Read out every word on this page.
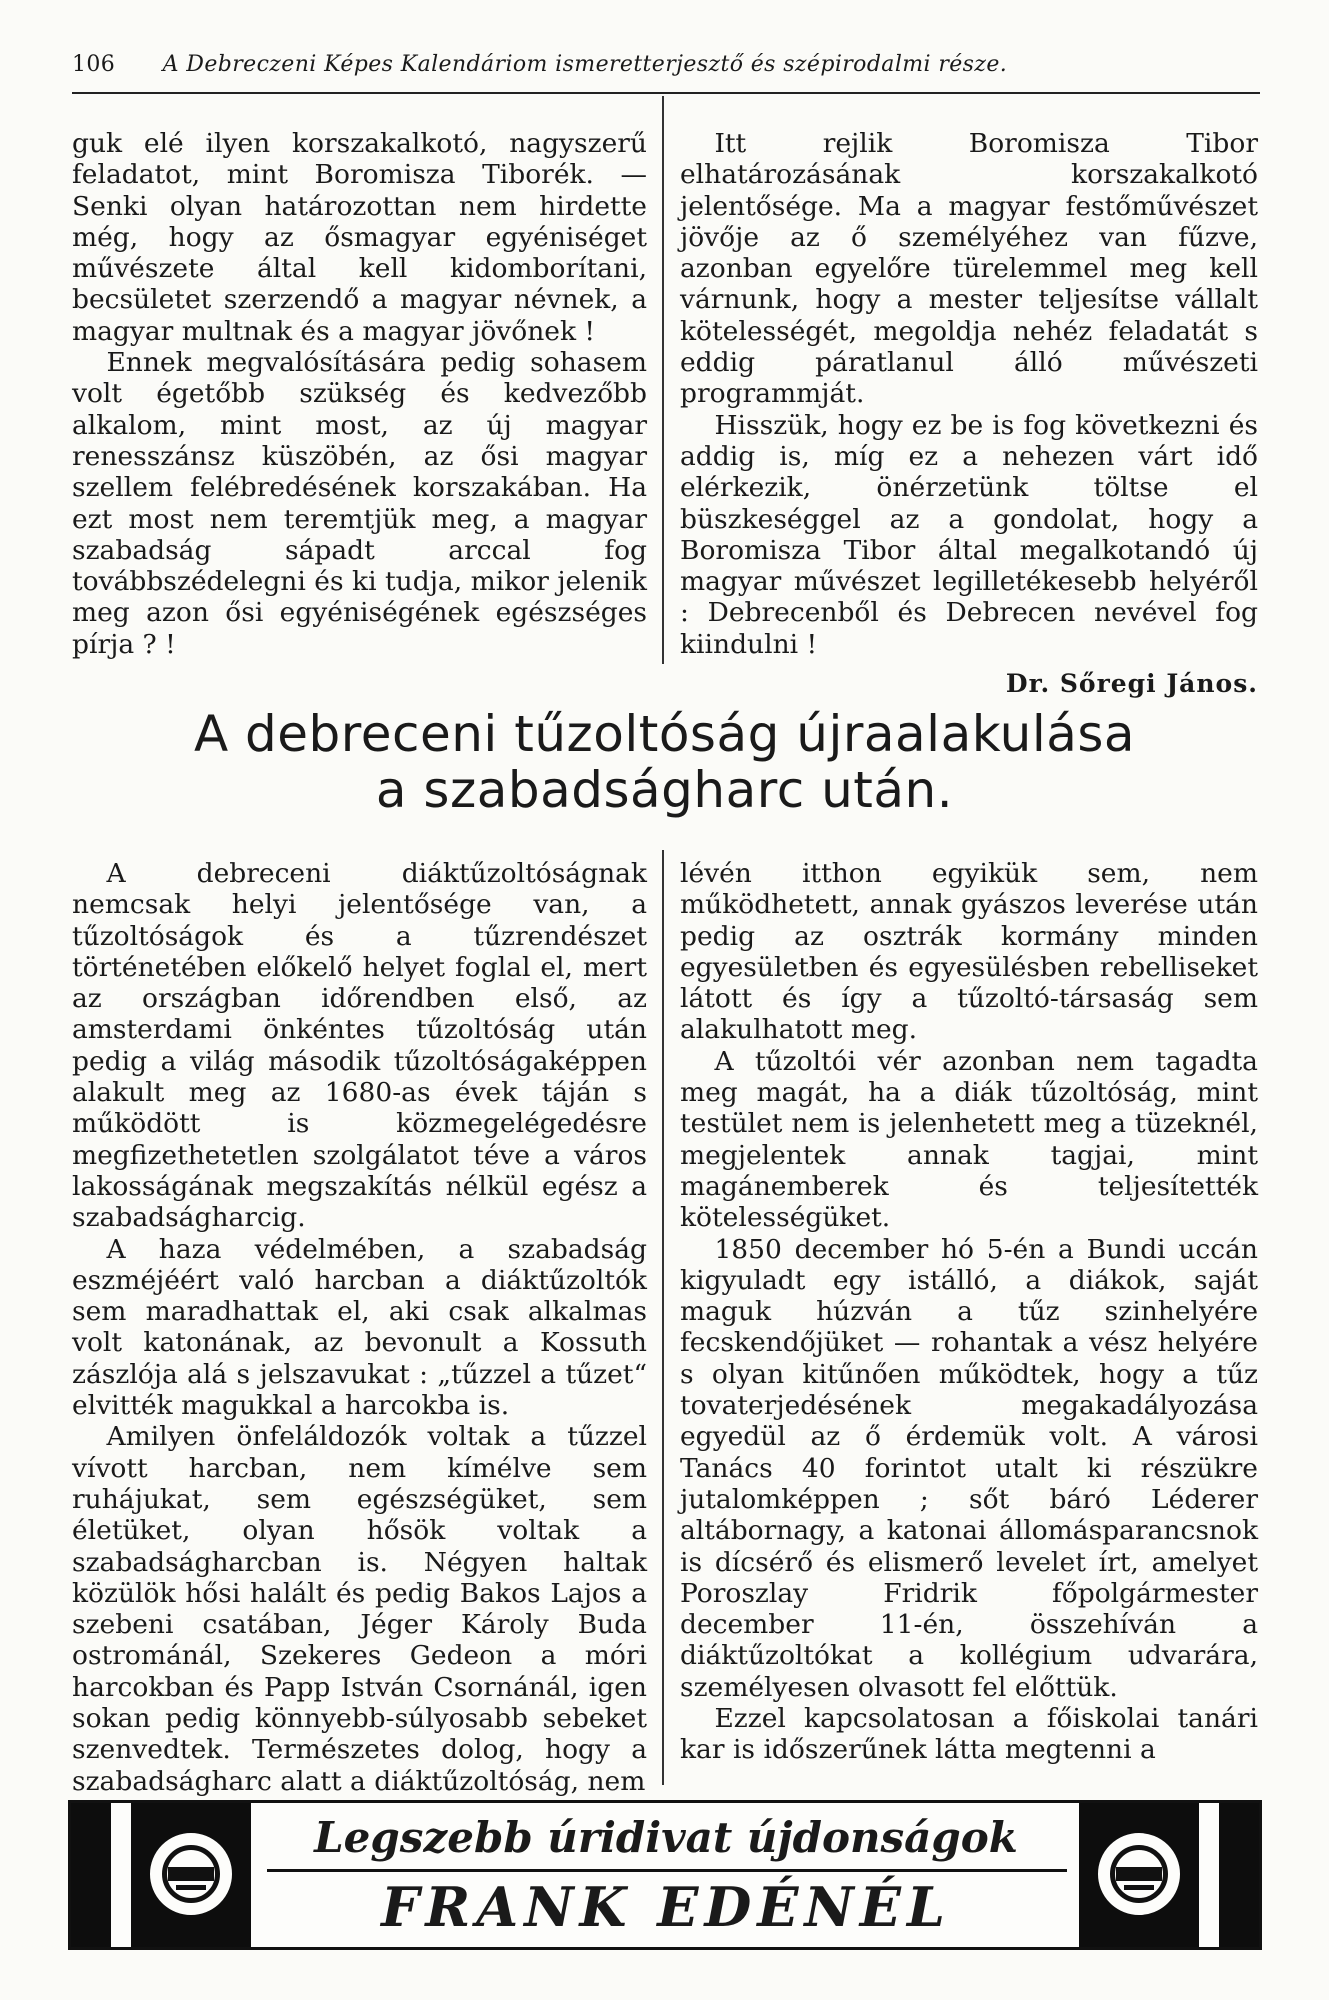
106 A Debreczeni Képes Kalendáriom ismeretterjesztő és szépirodalmi része.

guk elé ilyen korszakalkotó, nagyszerű feladatot, mint Boromisza Tiborék. — Senki olyan határozottan nem hirdette még, hogy az ősmagyar egyéniséget művészete által kell kidomborítani, becsületet szerzendő a magyar névnek, a magyar multnak és a magyar jövőnek !

Ennek megvalósítására pedig sohasem volt égetőbb szükség és kedvezőbb alkalom, mint most, az új magyar renesszánsz küszöbén, az ősi magyar szellem felébredésének korszakában. Ha ezt most nem teremtjük meg, a magyar szabadság sápadt arccal fog továbbszédelegni és ki tudja, mikor jelenik meg azon ősi egyéniségének egészséges pírja ? !

Itt rejlik Boromisza Tibor elhatározásának korszakalkotó jelentősége. Ma a magyar festőművészet jövője az ő személyéhez van fűzve, azonban egyelőre türelemmel meg kell várnunk, hogy a mester teljesítse vállalt kötelességét, megoldja nehéz feladatát s eddig páratlanul álló művészeti programmját.

Hisszük, hogy ez be is fog következni és addig is, míg ez a nehezen várt idő elérkezik, önérzetünk töltse el büszkeséggel az a gondolat, hogy a Boromisza Tibor által megalkotandó új magyar művészet legilletékesebb helyéről : Debrecenből és Debrecen nevével fog kiindulni !

Dr. Sőregi János.
A debreceni tűzoltóság újraalakulása
a szabadságharc után.

A debreceni diáktűzoltóságnak nemcsak helyi jelentősége van, a tűzoltóságok és a tűzrendészet történetében előkelő helyet foglal el, mert az országban időrendben első, az amsterdami önkéntes tűzoltóság után pedig a világ második tűzoltóságaképpen alakult meg az 1680-as évek táján s működött is közmegelégedésre megfizethetetlen szolgálatot téve a város lakosságának megszakítás nélkül egész a szabadságharcig.

A haza védelmében, a szabadság eszméjéért való harcban a diáktűzoltók sem maradhattak el, aki csak alkalmas volt katonának, az bevonult a Kossuth zászlója alá s jelszavukat : „tűzzel a tűzet“ elvitték magukkal a harcokba is.

Amilyen önfeláldozók voltak a tűzzel vívott harcban, nem kímélve sem ruhájukat, sem egészségüket, sem életüket, olyan hősök voltak a szabadságharcban is. Négyen haltak közülök hősi halált és pedig Bakos Lajos a szebeni csatában, Jéger Károly Buda ostrománál, Szekeres Gedeon a móri harcokban és Papp István Csornánál, igen sokan pedig könnyebb-súlyosabb sebeket szenvedtek. Természetes dolog, hogy a szabadságharc alatt a diáktűzoltóság, nem

lévén itthon egyikük sem, nem működhetett, annak gyászos leverése után pedig az osztrák kormány minden egyesületben és egyesülésben rebelliseket látott és így a tűzoltó-társaság sem alakulhatott meg.

A tűzoltói vér azonban nem tagadta meg magát, ha a diák tűzoltóság, mint testület nem is jelenhetett meg a tüzeknél, megjelentek annak tagjai, mint magánemberek és teljesítették kötelességüket.

1850 december hó 5-én a Bundi uccán kigyuladt egy istálló, a diákok, saját maguk húzván a tűz szinhelyére fecskendőjüket — rohantak a vész helyére s olyan kitűnően működtek, hogy a tűz tovaterjedésének megakadályozása egyedül az ő érdemük volt. A városi Tanács 40 forintot utalt ki részükre jutalomképpen ; sőt báró Léderer altábornagy, a katonai állomásparancsnok is dícsérő és elismerő levelet írt, amelyet Poroszlay Fridrik főpolgármester december 11-én, összehíván a diáktűzoltókat a kollégium udvarára, személyesen olvasott fel előttük.

Ezzel kapcsolatosan a főiskolai tanári kar is időszerűnek látta megtenni a

Legszebb úridivat újdonságok
FRANK EDÉNÉL
